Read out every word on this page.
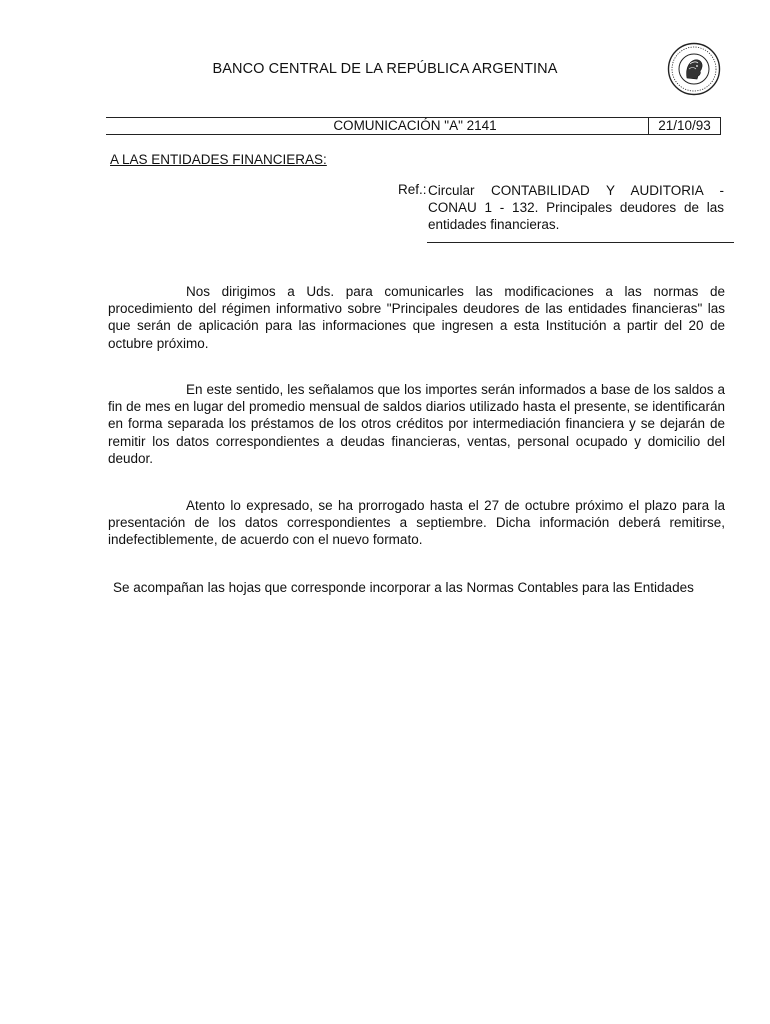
BANCO CENTRAL DE LA REPÚBLICA ARGENTINA
COMUNICACIÓN "A" 2141	21/10/93
A LAS ENTIDADES FINANCIERAS:
Ref.: Circular CONTABILIDAD Y AUDITORIA - CONAU 1 - 132. Principales deudores de las entidades financieras.

Nos dirigimos a Uds. para comunicarles las modificaciones a las normas de procedimiento del régimen informativo sobre "Principales deudores de las entidades financieras" las que serán de aplicación para las informaciones que ingresen a esta Institución a partir del 20 de octubre próximo.

En este sentido, les señalamos que los importes serán informados a base de los saldos a fin de mes en lugar del promedio mensual de saldos diarios utilizado hasta el presente, se identificarán en forma separada los préstamos de los otros créditos por intermediación financiera y se dejarán de remitir los datos correspondientes a deudas financieras, ventas, personal ocupado y domicilio del deudor.

Atento lo expresado, se ha prorrogado hasta el 27 de octubre próximo el plazo para la presentación de los datos correspondientes a septiembre. Dicha información deberá remitirse, indefectiblemente, de acuerdo con el nuevo formato.

Se acompañan las hojas que corresponde incorporar a las Normas Contables para las Entidades
